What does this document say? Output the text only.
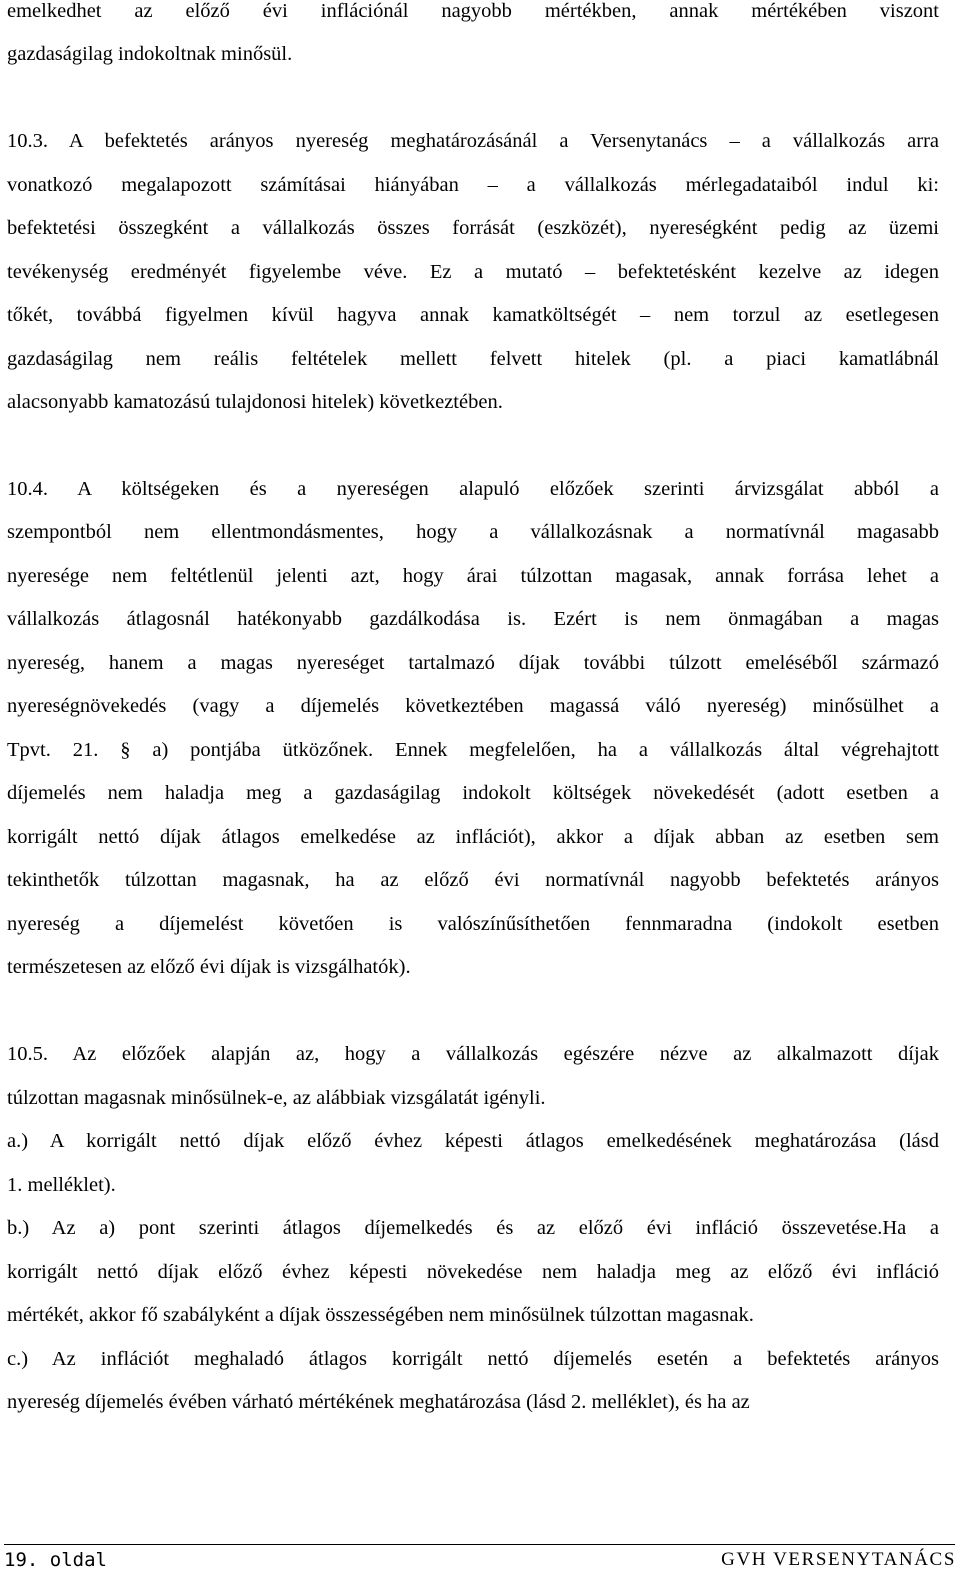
emelkedhet az előző évi inflációnál nagyobb mértékben, annak mértékében viszont
gazdaságilag indokoltnak minősül.
10.3. A befektetés arányos nyereség meghatározásánál a Versenytanács – a vállalkozás arra
vonatkozó megalapozott számításai hiányában – a vállalkozás mérlegadataiból indul ki:
befektetési összegként a vállalkozás összes forrását (eszközét), nyereségként pedig az üzemi
tevékenység eredményét figyelembe véve. Ez a mutató – befektetésként kezelve az idegen
tőkét, továbbá figyelmen kívül hagyva annak kamatköltségét – nem torzul az esetlegesen
gazdaságilag nem reális feltételek mellett felvett hitelek (pl. a piaci kamatlábnál
alacsonyabb kamatozású tulajdonosi hitelek) következtében.
10.4. A költségeken és a nyereségen alapuló előzőek szerinti árvizsgálat abból a
szempontból nem ellentmondásmentes, hogy a vállalkozásnak a normatívnál magasabb
nyeresége nem feltétlenül jelenti azt, hogy árai túlzottan magasak, annak forrása lehet a
vállalkozás átlagosnál hatékonyabb gazdálkodása is. Ezért is nem önmagában a magas
nyereség, hanem a magas nyereséget tartalmazó díjak további túlzott emeléséből származó
nyereségnövekedés (vagy a díjemelés következtében magassá váló nyereség) minősülhet a
Tpvt. 21. § a) pontjába ütközőnek. Ennek megfelelően, ha a vállalkozás által végrehajtott
díjemelés nem haladja meg a gazdaságilag indokolt költségek növekedését (adott esetben a
korrigált nettó díjak átlagos emelkedése az inflációt), akkor a díjak abban az esetben sem
tekinthetők túlzottan magasnak, ha az előző évi normatívnál nagyobb befektetés arányos
nyereség a díjemelést követően is valószínűsíthetően fennmaradna (indokolt esetben
természetesen az előző évi díjak is vizsgálhatók).
10.5. Az előzőek alapján az, hogy a vállalkozás egészére nézve az alkalmazott díjak
túlzottan magasnak minősülnek-e, az alábbiak vizsgálatát igényli.
a.) A korrigált nettó díjak előző évhez képesti átlagos emelkedésének meghatározása (lásd
1. melléklet).
b.) Az a) pont szerinti átlagos díjemelkedés és az előző évi infláció összevetése.Ha a
korrigált nettó díjak előző évhez képesti növekedése nem haladja meg az előző évi infláció
mértékét, akkor fő szabályként a díjak összességében nem minősülnek túlzottan magasnak.
c.) Az inflációt meghaladó átlagos korrigált nettó díjemelés esetén a befektetés arányos
nyereség díjemelés évében várható mértékének meghatározása (lásd 2. melléklet), és ha az
19. oldal	GVH VERSENYTANÁCS
